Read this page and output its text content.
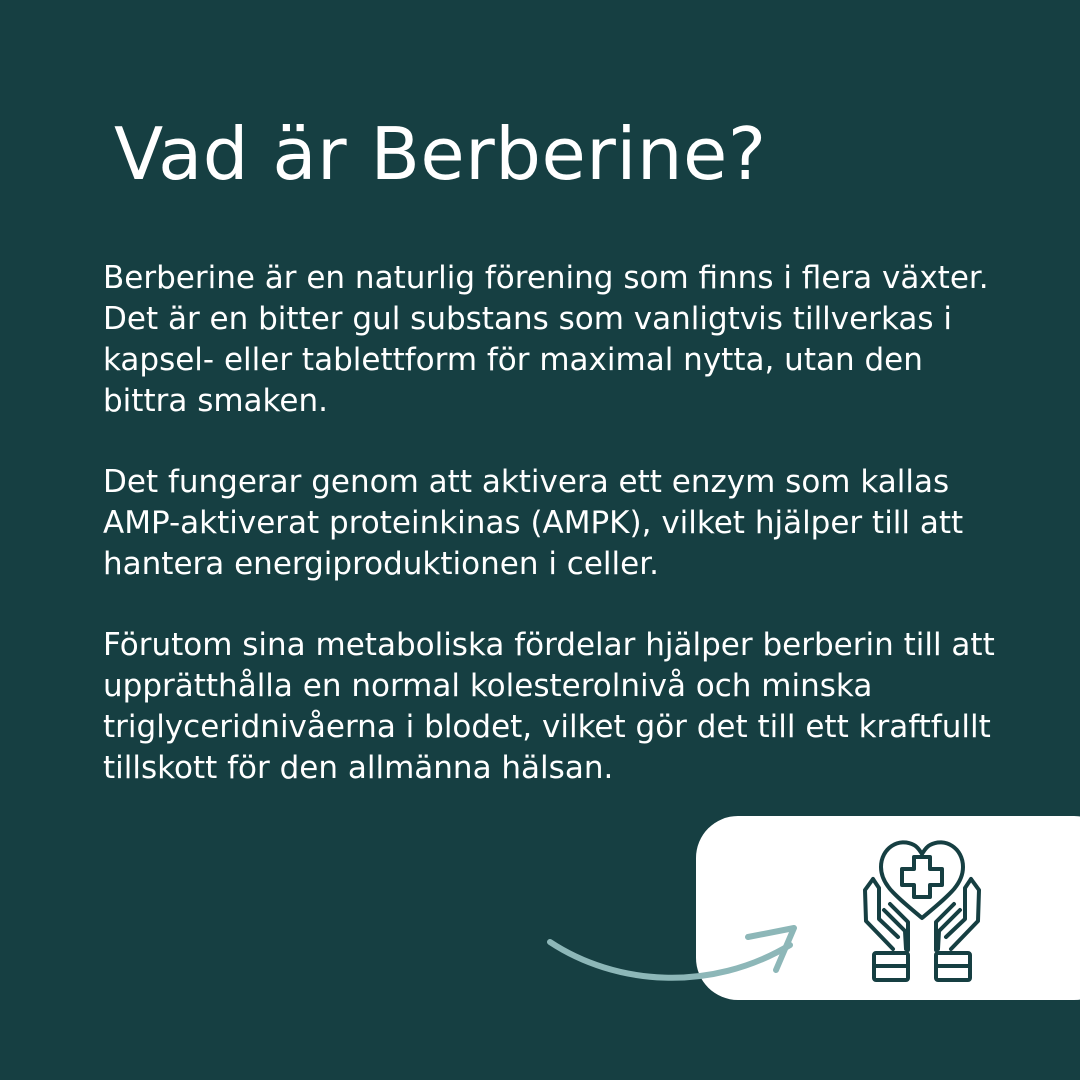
Vad är Berberine?

Berberine är en naturlig förening som finns i flera växter. Det är en bitter gul substans som vanligtvis tillverkas i kapsel- eller tablettform för maximal nytta, utan den bittra smaken.

Det fungerar genom att aktivera ett enzym som kallas AMP-aktiverat proteinkinas (AMPK), vilket hjälper till att hantera energiproduktionen i celler.

Förutom sina metaboliska fördelar hjälper berberin till att upprätthålla en normal kolesterolnivå och minska triglyceridnivåerna i blodet, vilket gör det till ett kraftfullt tillskott för den allmänna hälsan.
